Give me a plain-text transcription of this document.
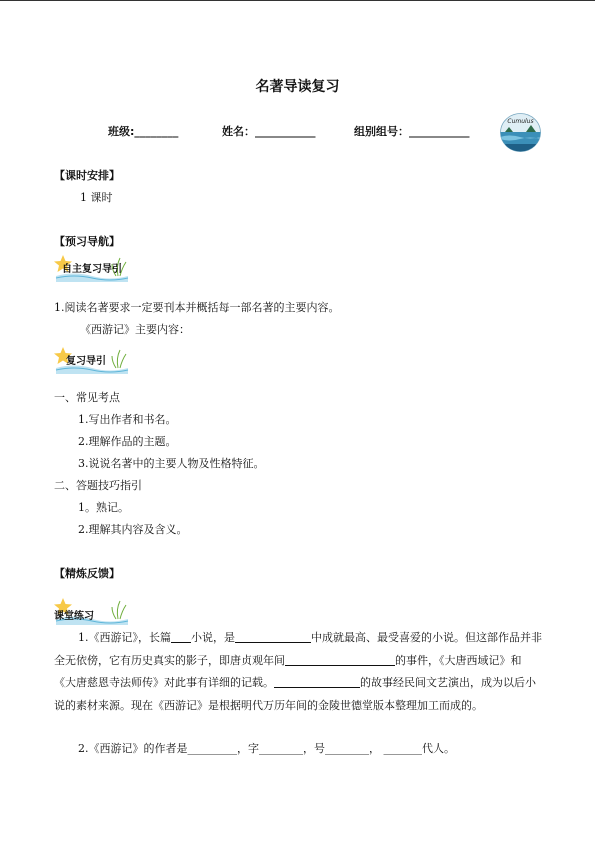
名著导读复习
班级:________	姓名：___________	组别组号：___________
Cumulus
【课时安排】
1 课时
【预习导航】
自主复习导引
1.阅读名著要求一定要刊本并概括每一部名著的主要内容。
《西游记》主要内容：
复习导引
一、常见考点
1.写出作者和书名。
2.理解作品的主题。
3.说说名著中的主要人物及性格特征。
二、答题技巧指引
1。熟记。
2.理解其内容及含义。
【精炼反馈】
课堂练习
1.《西游记》，长篇 小说，是	中成就最高、最受喜爱的小说。但这部作品并非全无依傍，它有历史真实的影子，即唐贞观年间	的事件，《大唐西域记》和《大唐慈恩寺法师传》对此事有详细的记载。	的故事经民间文艺演出，成为以后小说的素材来源。现在《西游记》是根据明代万历年间的金陵世德堂版本整理加工而成的。
2.《西游记》的作者是_________，字________，号________， _______代人。
